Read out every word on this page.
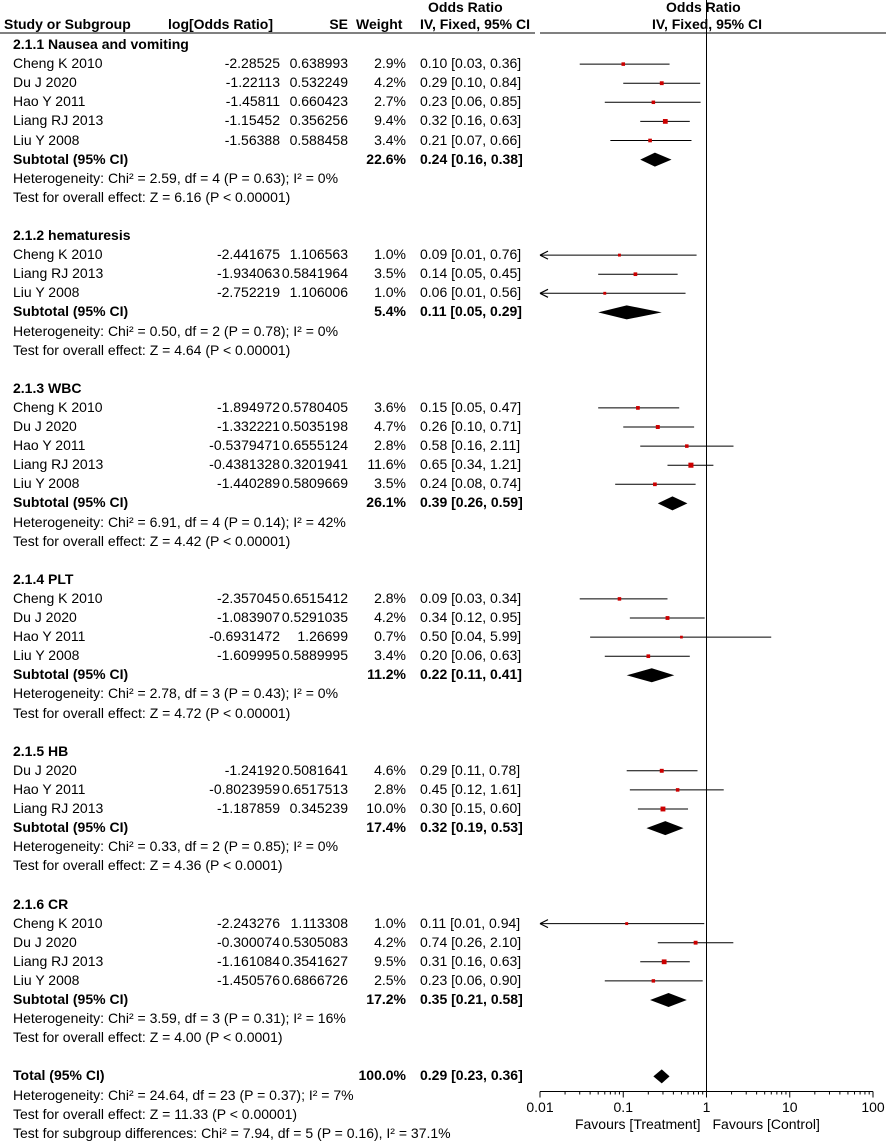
Study or Subgroup	log[Odds Ratio]	SE Weight
Odds Ratio
IV, Fixed, 95% CI
Odds Ratio
IV, Fixed, 95% CI
2.1.1 Nausea and vomiting
Cheng K 2010	-2.28525 0.638993	2.9% 0.10 [0.03, 0.36]
Du J 2020	-1.22113 0.532249	4.2% 0.29 [0.10, 0.84]
Hao Y 2011	-1.45811 0.660423	2.7% 0.23 [0.06, 0.85]
Liang RJ 2013	-1.15452 0.356256	9.4% 0.32 [0.16, 0.63]
Liu Y 2008	-1.56388 0.588458	3.4% 0.21 [0.07, 0.66]
Subtotal (95% CI)	22.6% 0.24 [0.16, 0.38]
Heterogeneity: Chi² = 2.59, df = 4 (P = 0.63); I² = 0%
Test for overall effect: Z = 6.16 (P < 0.00001)
2.1.2 hematuresis
Cheng K 2010	-2.441675 1.106563	1.0% 0.09 [0.01, 0.76]
Liang RJ 2013	-1.934063 0.5841964	3.5% 0.14 [0.05, 0.45]
Liu Y 2008	-2.752219 1.106006	1.0% 0.06 [0.01, 0.56]
Subtotal (95% CI)	5.4% 0.11 [0.05, 0.29]
Heterogeneity: Chi² = 0.50, df = 2 (P = 0.78); I² = 0%
Test for overall effect: Z = 4.64 (P < 0.00001)
2.1.3 WBC
Cheng K 2010	-1.894972 0.5780405	3.6% 0.15 [0.05, 0.47]
Du J 2020	-1.332221 0.5035198	4.7% 0.26 [0.10, 0.71]
Hao Y 2011	-0.5379471 0.6555124	2.8% 0.58 [0.16, 2.11]
Liang RJ 2013	-0.4381328 0.3201941	11.6% 0.65 [0.34, 1.21]
Liu Y 2008	-1.440289 0.5809669	3.5% 0.24 [0.08, 0.74]
Subtotal (95% CI)	26.1% 0.39 [0.26, 0.59]
Heterogeneity: Chi² = 6.91, df = 4 (P = 0.14); I² = 42%
Test for overall effect: Z = 4.42 (P < 0.00001)
2.1.4 PLT
Cheng K 2010	-2.357045 0.6515412	2.8% 0.09 [0.03, 0.34]
Du J 2020	-1.083907 0.5291035	4.2% 0.34 [0.12, 0.95]
Hao Y 2011	-0.6931472	1.26699	0.7% 0.50 [0.04, 5.99]
Liu Y 2008	-1.609995 0.5889995	3.4% 0.20 [0.06, 0.63]
Subtotal (95% CI)	11.2% 0.22 [0.11, 0.41]
Heterogeneity: Chi² = 2.78, df = 3 (P = 0.43); I² = 0%
Test for overall effect: Z = 4.72 (P < 0.00001)
2.1.5 HB
Du J 2020	-1.24192 0.5081641	4.6% 0.29 [0.11, 0.78]
Hao Y 2011	-0.8023959 0.6517513	2.8% 0.45 [0.12, 1.61]
Liang RJ 2013	-1.187859 0.345239	10.0% 0.30 [0.15, 0.60]
Subtotal (95% CI)	17.4% 0.32 [0.19, 0.53]
Heterogeneity: Chi² = 0.33, df = 2 (P = 0.85); I² = 0%
Test for overall effect: Z = 4.36 (P < 0.0001)
2.1.6 CR
Cheng K 2010	-2.243276 1.113308	1.0% 0.11 [0.01, 0.94]
Du J 2020	-0.300074 0.5305083	4.2% 0.74 [0.26, 2.10]
Liang RJ 2013	-1.161084 0.3541627	9.5% 0.31 [0.16, 0.63]
Liu Y 2008	-1.450576 0.6866726	2.5% 0.23 [0.06, 0.90]
Subtotal (95% CI)	17.2% 0.35 [0.21, 0.58]
Heterogeneity: Chi² = 3.59, df = 3 (P = 0.31); I² = 16%
Test for overall effect: Z = 4.00 (P < 0.0001)
Total (95% CI)	100.0% 0.29 [0.23, 0.36]
Heterogeneity: Chi² = 24.64, df = 23 (P = 0.37); I² = 7%
Test for overall effect: Z = 11.33 (P < 0.00001)
Test for subgroup differences: Chi² = 7.94, df = 5 (P = 0.16), I² = 37.1%
0.01	0.1	1	10	100
Favours [Treatment] Favours [Control]
